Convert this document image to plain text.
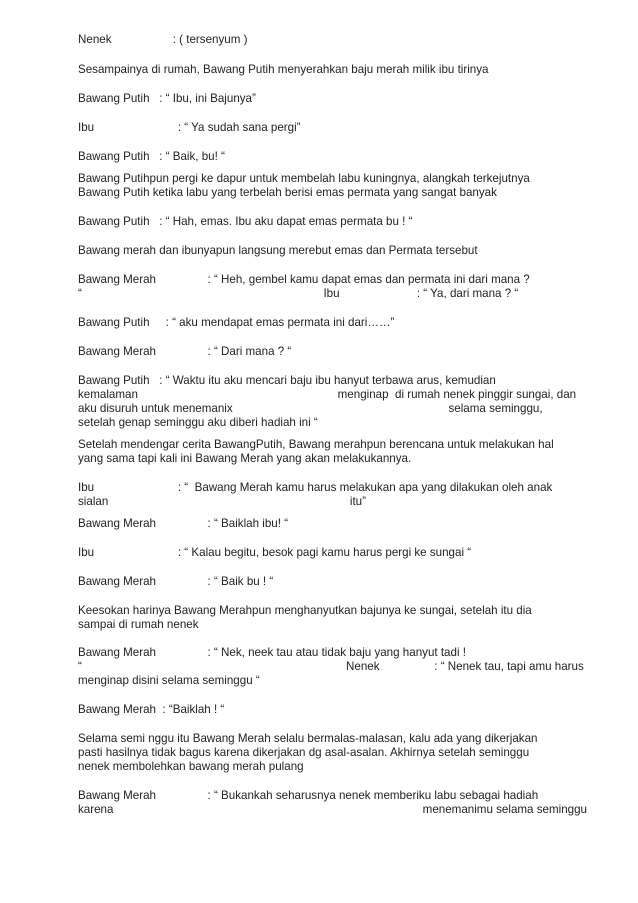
Nenek                   : ( tersenyum )
Sesampainya di rumah, Bawang Putih menyerahkan baju merah milik ibu tirinya
Bawang Putih   : “ Ibu, ini Bajunya”
Ibu                          : “ Ya sudah sana pergi”
Bawang Putih   : “ Baik, bu! “
Bawang Putihpun pergi ke dapur untuk membelah labu kuningnya, alangkah terkejutnya
Bawang Putih ketika labu yang terbelah berisi emas permata yang sangat banyak
Bawang Putih   : “ Hah, emas. Ibu aku dapat emas permata bu ! “
Bawang merah dan ibunyapun langsung merebut emas dan Permata tersebut
Bawang Merah                : “ Heh, gembel kamu dapat emas dan permata ini dari mana ?
“                                                                           Ibu                        : “ Ya, dari mana ? “
Bawang Putih     : “ aku mendapat emas permata ini dari……”
Bawang Merah                : “ Dari mana ? “
Bawang Putih   : “ Waktu itu aku mencari baju ibu hanyut terbawa arus, kemudian
kemalaman                                                              menginap  di rumah nenek pinggir sungai, dan
aku disuruh untuk menemanix                                                                   selama seminggu,
setelah genap seminggu aku diberi hadiah ini “
Setelah mendengar cerita BawangPutih, Bawang merahpun berencana untuk melakukan hal
yang sama tapi kali ini Bawang Merah yang akan melakukannya.
Ibu                          : “  Bawang Merah kamu harus melakukan apa yang dilakukan oleh anak
sialan                                                                           itu”
Bawang Merah                : “ Baiklah ibu! “
Ibu                          : “ Kalau begitu, besok pagi kamu harus pergi ke sungai “
Bawang Merah                : “ Baik bu ! “
Keesokan harinya Bawang Merahpun menghanyutkan bajunya ke sungai, setelah itu dia
sampai di rumah nenek
Bawang Merah                : “ Nek, neek tau atau tidak baju yang hanyut tadi !
“                                                                                  Nenek                 : “ Nenek tau, tapi amu harus
menginap disini selama seminggu “
Bawang Merah  : “Baiklah ! “
Selama semi nggu itu Bawang Merah selalu bermalas-malasan, kalu ada yang dikerjakan
pasti hasilnya tidak bagus karena dikerjakan dg asal-asalan. Akhirnya setelah seminggu
nenek membolehkan bawang merah pulang
Bawang Merah                : “ Bukankah seharusnya nenek memberiku labu sebagai hadiah
karena                                                                                                menemanimu selama seminggu
